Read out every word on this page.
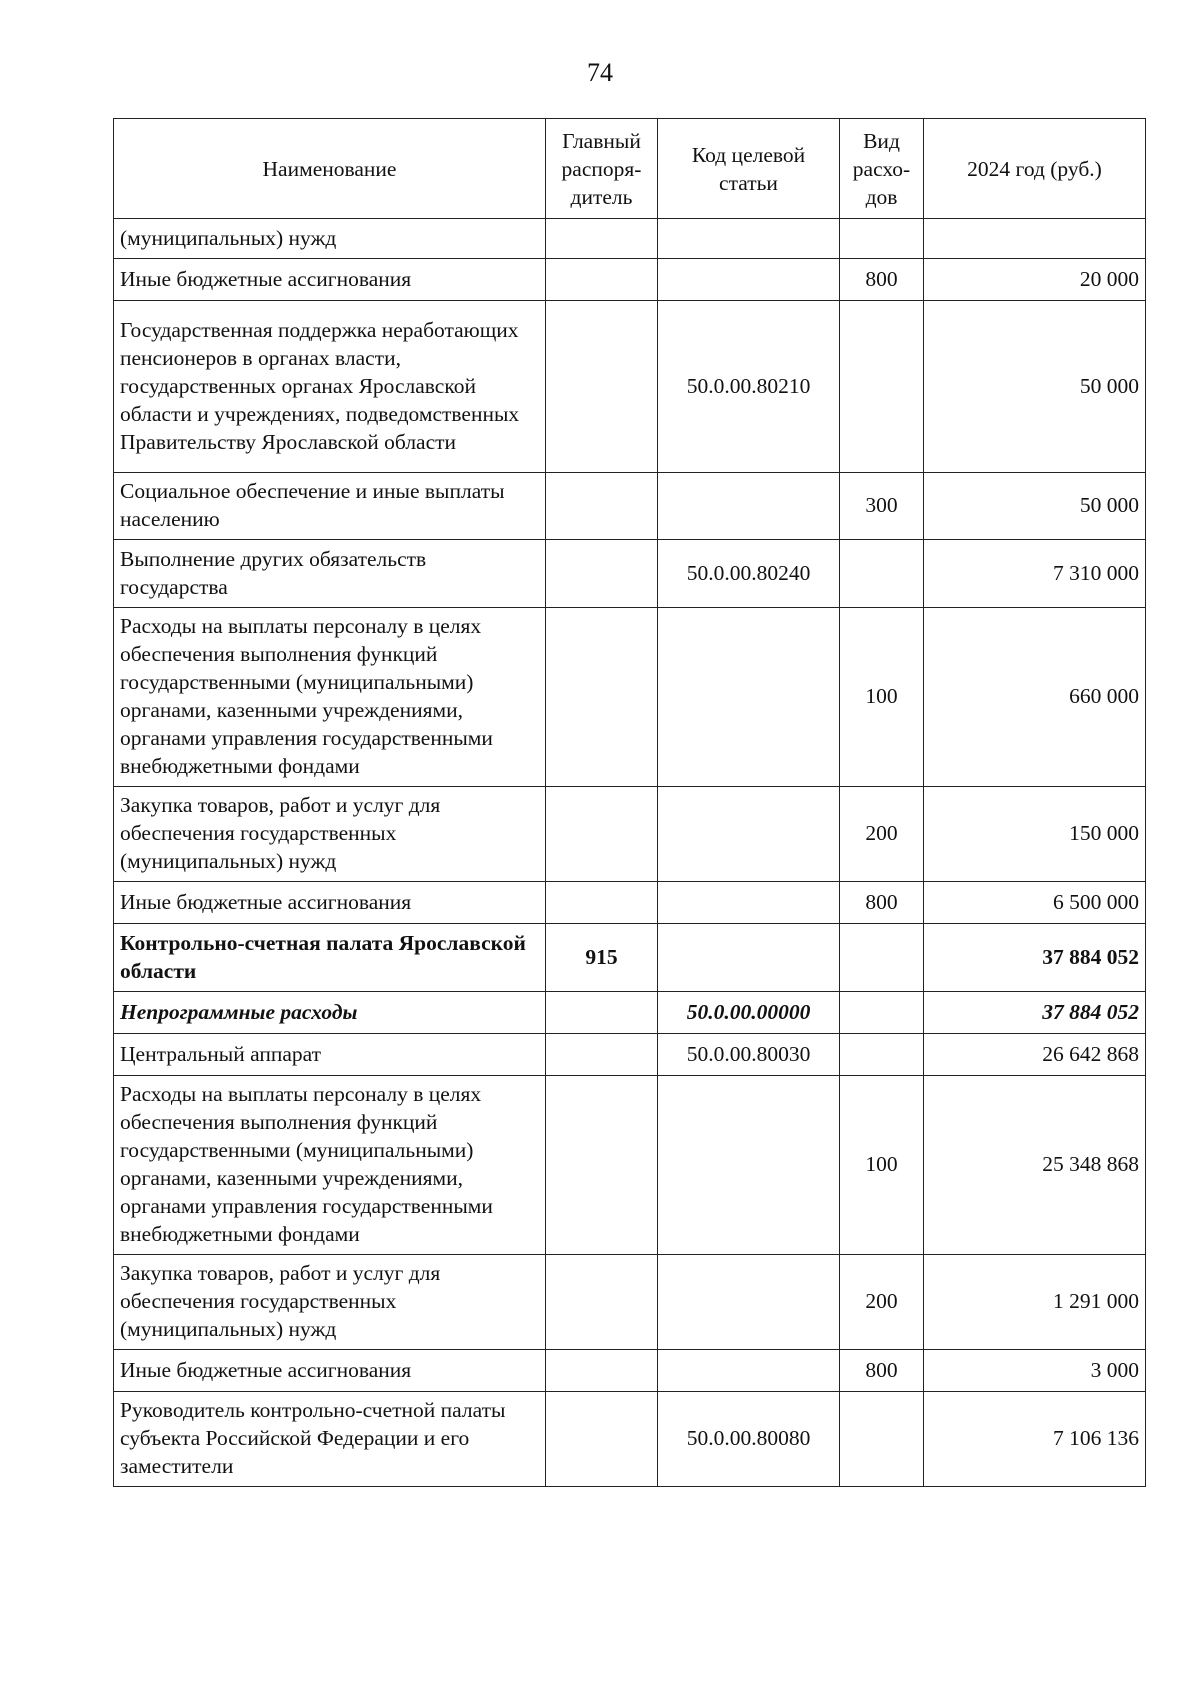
74
Наименование	Главный распоря-дитель	Код целевой статьи	Вид расхо-дов	2024 год (руб.)
(муниципальных) нужд				
Иные бюджетные ассигнования			800	20 000
Государственная поддержка неработающих пенсионеров в органах власти, государственных органах Ярославской области и учреждениях, подведомственных Правительству Ярославской области		50.0.00.80210		50 000
Социальное обеспечение и иные выплаты населению			300	50 000
Выполнение других обязательств государства		50.0.00.80240		7 310 000
Расходы на выплаты персоналу в целях обеспечения выполнения функций государственными (муниципальными) органами, казенными учреждениями, органами управления государственными внебюджетными фондами			100	660 000
Закупка товаров, работ и услуг для обеспечения государственных (муниципальных) нужд			200	150 000
Иные бюджетные ассигнования			800	6 500 000
Контрольно-счетная палата Ярославской области	915			37 884 052
Непрограммные расходы		50.0.00.00000		37 884 052
Центральный аппарат		50.0.00.80030		26 642 868
Расходы на выплаты персоналу в целях обеспечения выполнения функций государственными (муниципальными) органами, казенными учреждениями, органами управления государственными внебюджетными фондами			100	25 348 868
Закупка товаров, работ и услуг для обеспечения государственных (муниципальных) нужд			200	1 291 000
Иные бюджетные ассигнования			800	3 000
Руководитель контрольно-счетной палаты субъекта Российской Федерации и его заместители		50.0.00.80080		7 106 136
